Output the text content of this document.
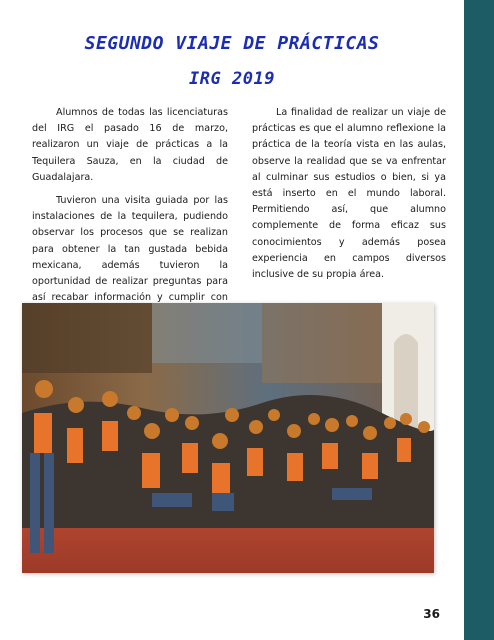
SEGUNDO VIAJE DE PRÁCTICAS
IRG 2019

Alumnos de todas las licenciaturas del IRG el pasado 16 de marzo, realizaron un viaje de prácticas a la Tequilera Sauza, en la ciudad de Guadalajara.

Tuvieron una visita guiada por las instalaciones de la tequilera, pudiendo observar los procesos que se realizan para obtener la tan gustada bebida mexicana, además tuvieron la oportunidad de realizar preguntas para así recabar información y cumplir con

La finalidad de realizar un viaje de prácticas es que el alumno reflexione la práctica de la teoría vista en las aulas, observe la realidad que se va enfrentar al culminar sus estudios o bien, si ya está inserto en el mundo laboral. Permitiendo así, que alumno complemente de forma eficaz sus conocimientos y además posea experiencia en campos diversos inclusive de su propia área.

36
